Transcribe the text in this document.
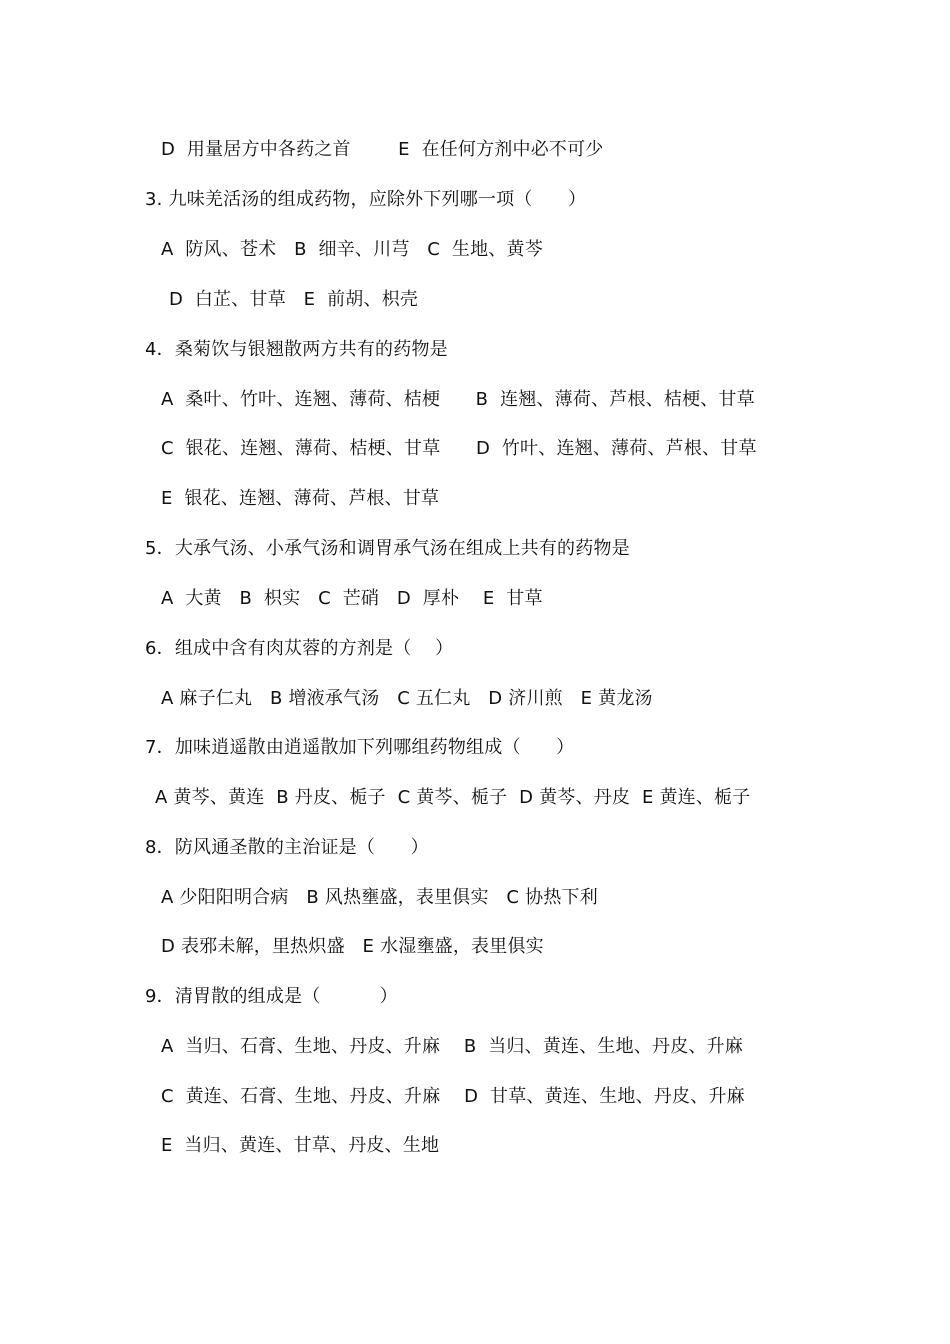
D  用量居方中各药之首        E  在任何方剂中必不可少
3. 九味羌活汤的组成药物，应除外下列哪一项（      ）
A  防风、苍术   B  细辛、川芎   C  生地、黄芩
D  白芷、甘草   E  前胡、枳壳
4．桑菊饮与银翘散两方共有的药物是
A  桑叶、竹叶、连翘、薄荷、桔梗      B  连翘、薄荷、芦根、桔梗、甘草
C  银花、连翘、薄荷、桔梗、甘草      D  竹叶、连翘、薄荷、芦根、甘草
E  银花、连翘、薄荷、芦根、甘草
5．大承气汤、小承气汤和调胃承气汤在组成上共有的药物是
A  大黄   B  枳实   C  芒硝   D  厚朴    E  甘草
6．组成中含有肉苁蓉的方剂是（    ）
A 麻子仁丸   B 增液承气汤   C 五仁丸   D 济川煎   E 黄龙汤
7．加味逍遥散由逍遥散加下列哪组药物组成（      ）
A 黄芩、黄连  B 丹皮、栀子  C 黄芩、栀子  D 黄芩、丹皮  E 黄连、栀子
8．防风通圣散的主治证是（      ）
A 少阳阳明合病   B 风热壅盛，表里俱实   C 协热下利
D 表邪未解，里热炽盛   E 水湿壅盛，表里俱实
9．清胃散的组成是（          ）
A  当归、石膏、生地、丹皮、升麻    B  当归、黄连、生地、丹皮、升麻
C  黄连、石膏、生地、丹皮、升麻    D  甘草、黄连、生地、丹皮、升麻
E  当归、黄连、甘草、丹皮、生地
